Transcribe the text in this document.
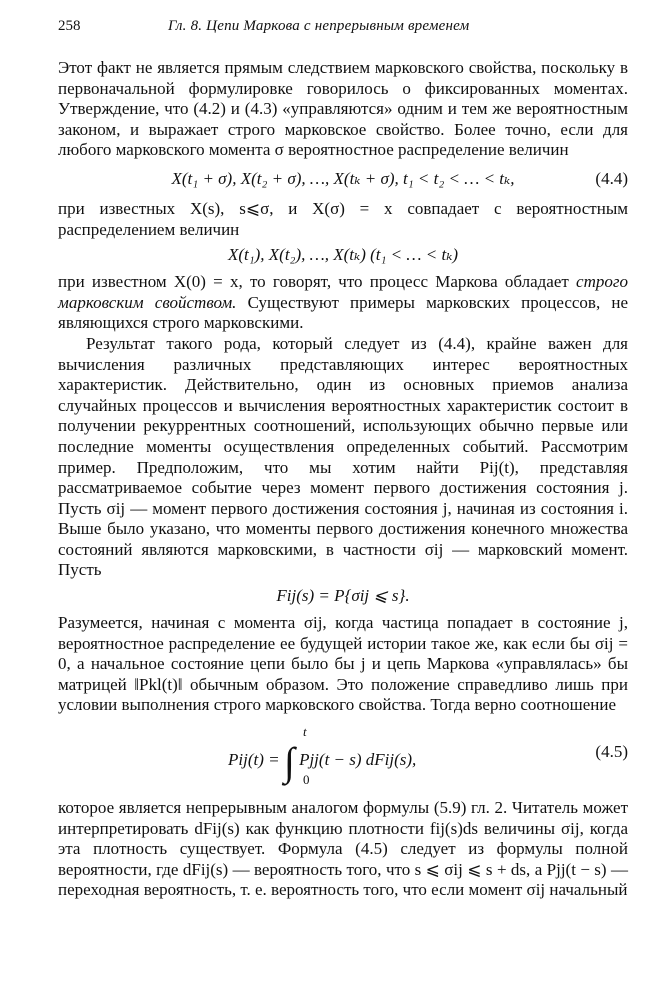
258	Гл. 8. Цепи Маркова с непрерывным временем

Этот факт не является прямым следствием марковского свойства, поскольку в первоначальной формулировке говорилось о фиксированных моментах. Утверждение, что (4.2) и (4.3) «управляются» одним и тем же вероятностным законом, и выражает строго марковское свойство. Более точно, если для любого марковского момента σ вероятностное распределение величин

X(t₁ + σ), X(t₂ + σ), …, X(tₖ + σ), t₁ < t₂ < … < tₖ,	(4.4)

при известных X(s), s⩽σ, и X(σ) = x совпадает с вероятностным распределением величин

X(t₁), X(t₂), …, X(tₖ) (t₁ < … < tₖ)

при известном X(0) = x, то говорят, что процесс Маркова обладает строго марковским свойством. Существуют примеры марковских процессов, не являющихся строго марковскими.

Результат такого рода, который следует из (4.4), крайне важен для вычисления различных представляющих интерес вероятностных характеристик. Действительно, один из основных приемов анализа случайных процессов и вычисления вероятностных характеристик состоит в получении рекуррентных соотношений, использующих обычно первые или последние моменты осуществления определенных событий. Рассмотрим пример. Предположим, что мы хотим найти Pij(t), представляя рассматриваемое событие через момент первого достижения состояния j. Пусть σij — момент первого достижения состояния j, начиная из состояния i. Выше было указано, что моменты первого достижения конечного множества состояний являются марковскими, в частности σij — марковский момент. Пусть

Fij(s) = P{σij ⩽ s}.

Разумеется, начиная с момента σij, когда частица попадает в состояние j, вероятностное распределение ее будущей истории такое же, как если бы σij = 0, а начальное состояние цепи было бы j и цепь Маркова «управлялась» бы матрицей ‖Pkl(t)‖ обычным образом. Это положение справедливо лишь при условии выполнения строго марковского свойства. Тогда верно соотношение

t
Pij(t) = ∫ Pjj(t − s) dFij(s),
0
(4.5)

которое является непрерывным аналогом формулы (5.9) гл. 2. Читатель может интерпретировать dFij(s) как функцию плотности fij(s)ds величины σij, когда эта плотность существует. Формула (4.5) следует из формулы полной вероятности, где dFij(s) — вероятность того, что s ⩽ σij ⩽ s + ds, а Pjj(t − s) — переходная вероятность, т. е. вероятность того, что если момент σij начальный
